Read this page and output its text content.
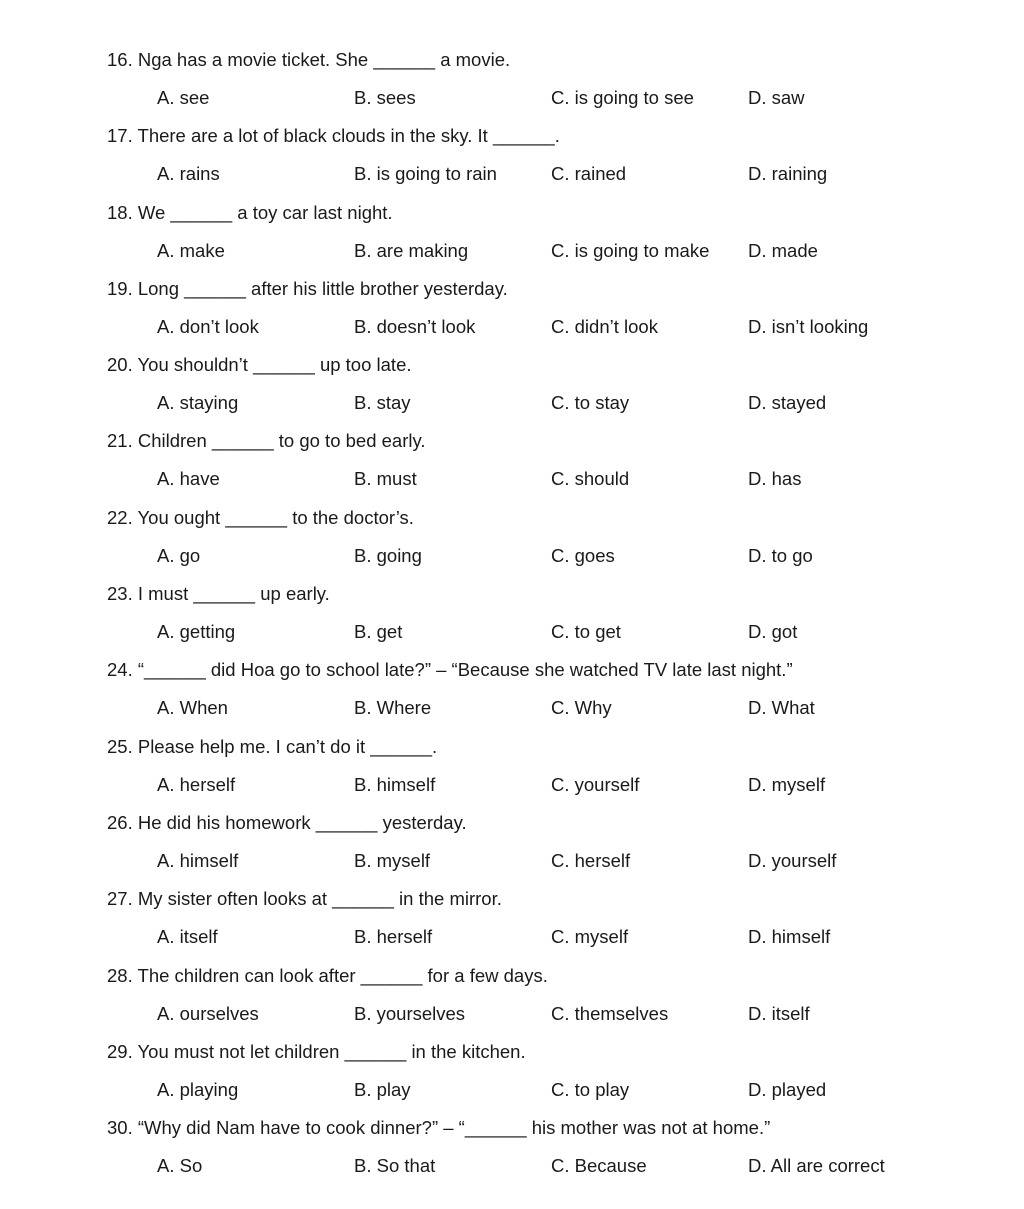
16. Nga has a movie ticket. She ______ a movie.
A. see	B. sees	C. is going to see	D. saw
17. There are a lot of black clouds in the sky. It ______.
A. rains	B. is going to rain	C. rained	D. raining
18. We ______ a toy car last night.
A. make	B. are making	C. is going to make D. made
19. Long ______ after his little brother yesterday.
A. don’t look	B. doesn’t look	C. didn’t look	D. isn’t looking
20. You shouldn’t ______ up too late.
A. staying	B. stay	C. to stay	D. stayed
21. Children ______ to go to bed early.
A. have	B. must	C. should	D. has
22. You ought ______ to the doctor’s.
A. go	B. going	C. goes	D. to go
23. I must ______ up early.
A. getting	B. get	C. to get	D. got
24. “______ did Hoa go to school late?” – “Because she watched TV late last night.”
A. When	B. Where	C. Why	D. What
25. Please help me. I can’t do it ______.
A. herself	B. himself	C. yourself	D. myself
26. He did his homework ______ yesterday.
A. himself	B. myself	C. herself	D. yourself
27. My sister often looks at ______ in the mirror.
A. itself	B. herself	C. myself	D. himself
28. The children can look after ______ for a few days.
A. ourselves	B. yourselves	C. themselves	D. itself
29. You must not let children ______ in the kitchen.
A. playing	B. play	C. to play	D. played
30. “Why did Nam have to cook dinner?” – “______ his mother was not at home.”
A. So	B. So that	C. Because	D. All are correct
